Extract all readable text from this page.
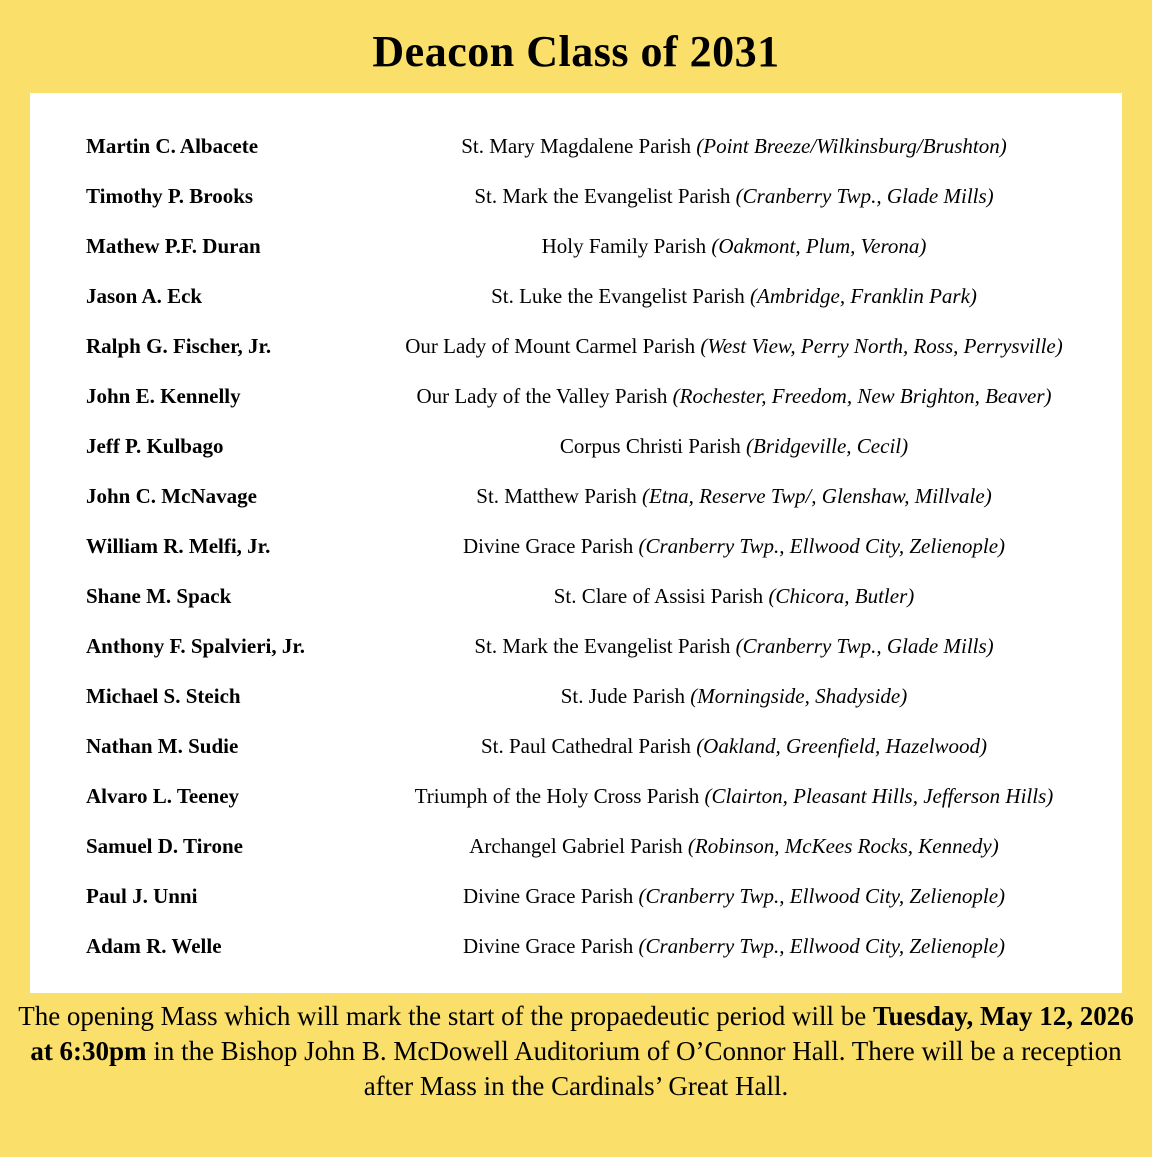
Deacon Class of 2031
Martin C. Albacete	St. Mary Magdalene Parish (Point Breeze/Wilkinsburg/Brushton)
Timothy P. Brooks	St. Mark the Evangelist Parish (Cranberry Twp., Glade Mills)
Mathew P.F. Duran	Holy Family Parish (Oakmont, Plum, Verona)
Jason A. Eck	St. Luke the Evangelist Parish (Ambridge, Franklin Park)
Ralph G. Fischer, Jr.	Our Lady of Mount Carmel Parish (West View, Perry North, Ross, Perrysville)
John E. Kennelly	Our Lady of the Valley Parish (Rochester, Freedom, New Brighton, Beaver)
Jeff P. Kulbago	Corpus Christi Parish (Bridgeville, Cecil)
John C. McNavage	St. Matthew Parish (Etna, Reserve Twp/, Glenshaw, Millvale)
William R. Melfi, Jr.	Divine Grace Parish (Cranberry Twp., Ellwood City, Zelienople)
Shane M. Spack	St. Clare of Assisi Parish (Chicora, Butler)
Anthony F. Spalvieri, Jr.	St. Mark the Evangelist Parish (Cranberry Twp., Glade Mills)
Michael S. Steich	St. Jude Parish (Morningside, Shadyside)
Nathan M. Sudie	St. Paul Cathedral Parish (Oakland, Greenfield, Hazelwood)
Alvaro L. Teeney	Triumph of the Holy Cross Parish (Clairton, Pleasant Hills, Jefferson Hills)
Samuel D. Tirone	Archangel Gabriel Parish (Robinson, McKees Rocks, Kennedy)
Paul J. Unni	Divine Grace Parish (Cranberry Twp., Ellwood City, Zelienople)
Adam R. Welle	Divine Grace Parish (Cranberry Twp., Ellwood City, Zelienople)
The opening Mass which will mark the start of the propaedeutic period will be Tuesday, May 12, 2026 at 6:30pm in the Bishop John B. McDowell Auditorium of O’Connor Hall. There will be a reception after Mass in the Cardinals’ Great Hall.
